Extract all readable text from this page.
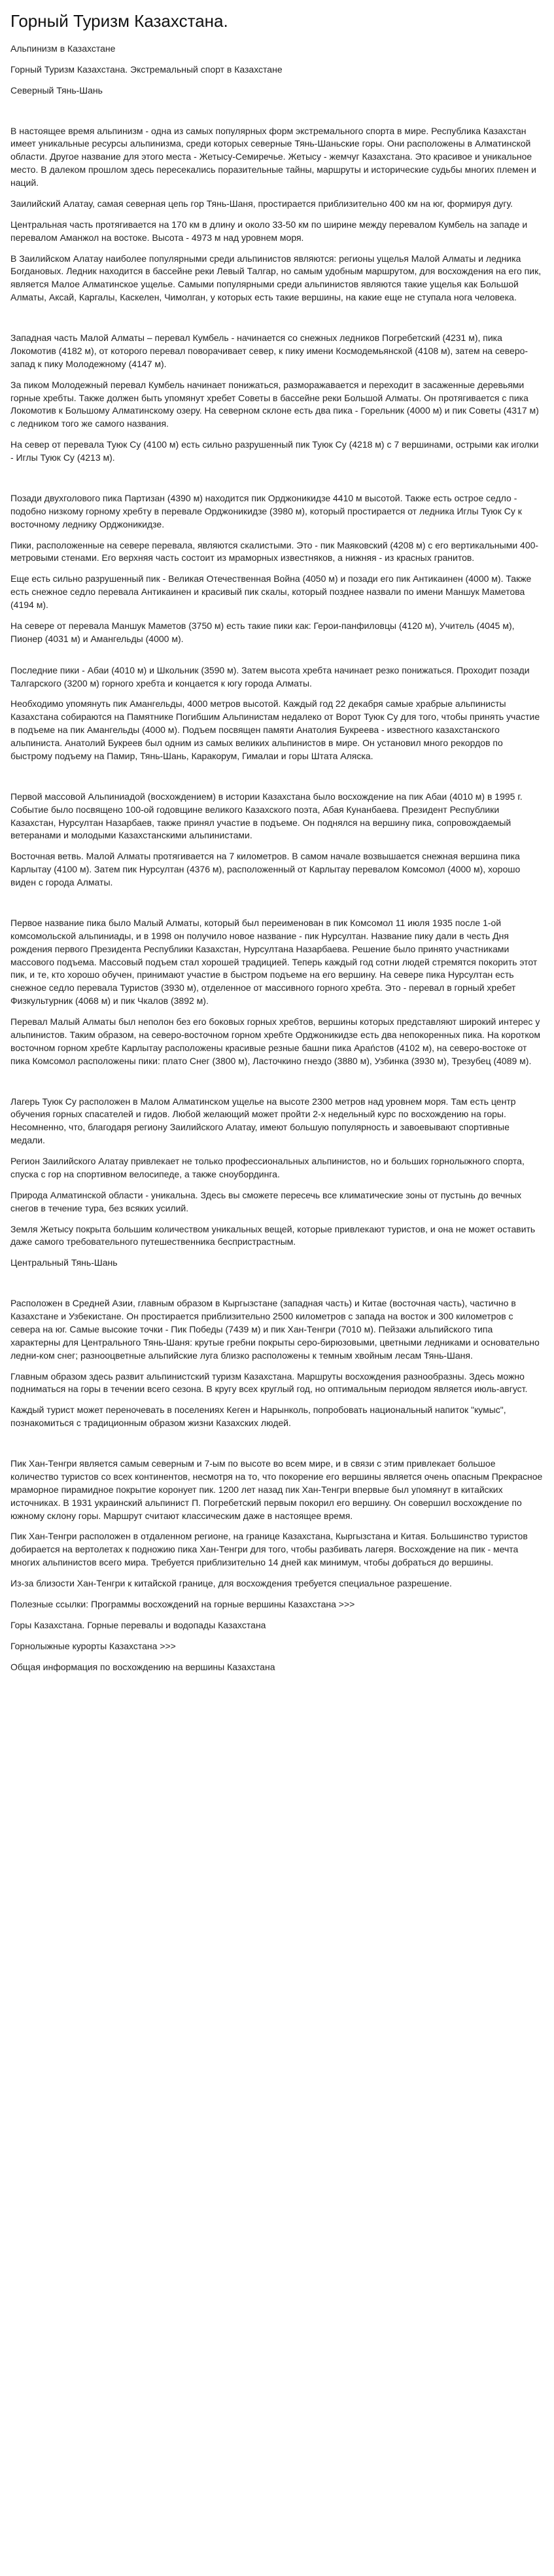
Горный Туризм Казахстана.

Альпинизм в Казахстане

Горный Туризм Казахстана. Экстремальный спорт в Казахстане

Северный Тянь-Шань

В настоящее время альпинизм - одна из самых популярных форм экстремального спорта в мире. Республика Казахстан имеет уникальные ресурсы альпинизма, среди которых северные Тянь-Шаньские горы. Они расположены в Алматинской области. Другое название для этого места - Жетысу-Семиречье. Жетысу - жемчуг Казахстана. Это красивое и уникальное место. В далеком прошлом здесь пересекались поразительные тайны, маршруты и исторические судьбы многих племен и наций.

Заилийский Алатау, самая северная цепь гор Тянь-Шаня, простирается приблизительно 400 км на юг, формируя дугу.

Центральная часть протягивается на 170 км в длину и около 33-50 км по ширине между перевалом Кумбель на западе и перевалом Аманжол на востоке. Высота - 4973 м над уровнем моря.

В Заилийском Алатау наиболее популярными среди альпинистов являются: регионы ущелья Малой Алматы и ледника Богдановых. Ледник находится в бассейне реки Левый Талгар, но самым удобным маршрутом, для восхождения на его пик, является Малое Алматинское ущелье. Самыми популярными среди альпинистов являются такие ущелья как Большой Алматы, Аксай, Каргалы, Каскелен, Чимолган, у которых есть такие вершины, на какие еще не ступала нога человека.

Западная часть Малой Алматы – перевал Кумбель - начинается со снежных ледников Погребетский (4231 м), пика Локомотив (4182 м), от которого перевал поворачивает север, к пику имени Космодемьянской (4108 м), затем на северо-запад к пику Молодежному (4147 м).

За пиком Молодежный перевал Кумбель начинает понижаться, разморажавается и переходит в засаженные деревьями горные хребты. Также должен быть упомянут хребет Советы в бассейне реки Большой Алматы. Он протягивается с пика Локомотив к Большому Алматинскому озеру. На северном склоне есть два пика - Горельник (4000 м) и пик Советы (4317 м) с ледником того же самого названия.

На север от перевала Туюк Су (4100 м) есть сильно разрушенный пик Туюк Су (4218 м) с 7 вершинами, острыми как иголки - Иглы Туюк Су (4213 м).

Позади двухголового пика Партизан (4390 м) находится пик Орджоникидзе 4410 м высотой. Также есть острое седло - подобно низкому горному хребту в перевале Орджоникидзе (3980 м), который простирается от ледника Иглы Туюк Су к восточному леднику Орджоникидзе.

Пики, расположенные на севере перевала, являются скалистыми. Это - пик Маяковский (4208 м) с его вертикальными 400-метровыми стенами. Его верхняя часть состоит из мраморных известняков, а нижняя - из красных гранитов.

Еще есть сильно разрушенный пик - Великая Отечественная Война (4050 м) и позади его пик Антикаинен (4000 м). Также есть снежное седло перевала Антикаинен и красивый пик скалы, который позднее назвали по имени Маншук Маметова (4194 м).

На севере от перевала Маншук Маметов (3750 м) есть такие пики как: Герои-панфиловцы (4120 м), Учитель (4045 м), Пионер (4031 м) и Амангельды (4000 м).

Последние пики - Абаи (4010 м) и Школьник (3590 м). Затем высота хребта начинает резко понижаться. Проходит позади Талгарского (3200 м) горного хребта и концается к югу города Алматы.

Необходимо упомянуть пик Амангельды, 4000 метров высотой. Каждый год 22 декабря самые храбрые альпинисты Казахстана собираются на Памятнике Погибшим Альпинистам недалеко от Ворот Туюк Су для того, чтобы принять участие в подъеме на пик Амангельды (4000 м). Подъем посвящен памяти Анатолия Букреева - известного казахстанского альпиниста. Анатолий Букреев был одним из самых великих альпинистов в мире. Он установил много рекордов по быстрому подъему на Памир, Тянь-Шань, Каракорум, Гималаи и горы Штата Аляска.

Первой массовой Альпиниадой (восхождением) в истории Казахстана было восхождение на пик Абаи (4010 м) в 1995 г. Событие было посвящено 100-ой годовщине великого Казахского поэта, Абая Кунанбаева. Президент Республики Казахстан, Нурсултан Назарбаев, также принял участие в подъеме. Он поднялся на вершину пика, сопровождаемый ветеранами и молодыми Казахстанскими альпинистами.

Восточная ветвь. Малой Алматы протягивается на 7 километров. В самом начале возвышается снежная вершина пика Карлытау (4100 м). Затем пик Нурсултан (4376 м), расположенный от Карлытау перевалом Комсомол (4000 м), хорошо виден с города Алматы.

Первое название пика было Малый Алматы, который был переименован в пик Комсомол 11 июля 1935 после 1-ой комсомольской альпиниады, и в 1998 он получило новое название - пик Нурсултан. Название пику дали в честь Дня рождения первого Президента Республики Казахстан, Нурсултана Назарбаева. Решение было принято участниками массового подъема. Массовый подъем стал хорошей традицией. Теперь каждый год сотни людей стремятся покорить этот пик, и те, кто хорошо обучен, принимают участие в быстром подъеме на его вершину. На севере пика Нурсултан есть снежное седло перевала Туристов (3930 м), отделенное от массивного горного хребта. Это - перевал в горный хребет Физкультурник (4068 м) и пик Чкалов (3892 м).

Перевал Малый Алматы был неполон без его боковых горных хребтов, вершины которых представляют широкий интерес у альпинистов. Таким образом, на северо-восточном горном хребте Орджоникидзе есть два непокоренных пика. На коротком восточном горном хребте Карлытау расположены красивые резные башни пика Араńстов (4102 м), на северо-востоке от пика Комсомол расположены пики: плато Снег (3800 м), Ласточкино гнездо (3880 м), Узбинка (3930 м), Трезубец (4089 м).

Лагерь Туюк Су расположен в Малом Алматинском ущелье на высоте 2300 метров над уровнем моря. Там есть центр обучения горных спасателей и гидов. Любой желающий может пройти 2-х недельный курс по восхождению на горы. Несомненно, что, благодаря региону Заилийского Алатау, имеют большую популярность и завоевывают спортивные медали.

Регион Заилийского Алатау привлекает не только профессиональных альпинистов, но и больших горнолыжного спорта, спуска с гор на спортивном велосипеде, а также сноубординга.

Природа Алматинской области - уникальна. Здесь вы сможете пересечь все климатические зоны от пустынь до вечных снегов в течение тура, без всяких усилий.

Земля Жетысу покрыта большим количеством уникальных вещей, которые привлекают туристов, и она не может оставить даже самого требовательного путешественника беспристрастным.

Центральный Тянь-Шань

Расположен в Средней Азии, главным образом в Кыргызстане (западная часть) и Китае (восточная часть), частично в Казахстане и Узбекистане. Он простирается приблизительно 2500 километров с запада на восток и 300 километров с севера на юг. Самые высокие точки - Пик Победы (7439 м) и пик Хан-Тенгри (7010 м). Пейзажи альпийского типа характерны для Центрального Тянь-Шаня: крутые гребни покрыты серо-бирюзовыми, цветными ледниками и основательно ледни-ком снег; разнооцветные альпийские луга близко расположены к темным хвойным лесам Тянь-Шаня.

Главным образом здесь развит альпинистский туризм Казахстана. Маршруты восхождения разнообразны. Здесь можно подниматься на горы в течении всего сезона. В кругу всех круглый год, но оптимальным периодом является июль-август.

Каждый турист может переночевать в поселениях Кеген и Нарынколь, попробовать национальный напиток "кумыс", познакомиться с традиционным образом жизни Казахских людей.

Пик Хан-Тенгри является самым северным и 7-ым по высоте во всем мире, и в связи с этим привлекает большое количество туристов со всех континентов, несмотря на то, что покорение его вершины является очень опасным Прекрасное мраморное пирамидное покрытие коронует пик. 1200 лет назад пик Хан-Тенгри впервые был упомянут в китайских источниках. В 1931 украинский альпинист П. Погребетский первым покорил его вершину. Он совершил восхождение по южному склону горы. Маршрут считают классическим даже в настоящее время.

Пик Хан-Тенгри расположен в отдаленном регионе, на границе Казахстана, Кыргызстана и Китая. Большинство туристов добирается на вертолетах к подножию пика Хан-Тенгри для того, чтобы разбивать лагеря. Восхождение на пик - мечта многих альпинистов всего мира. Требуется приблизительно 14 дней как минимум, чтобы добраться до вершины.

Из-за близости Хан-Тенгри к китайской границе, для восхождения требуется специальное разрешение.

Полезные ссылки: Программы восхождений на горные вершины Казахстана >>>

Горы Казахстана. Горные перевалы и водопады Казахстана

Горнолыжные курорты Казахстана >>>

Общая информация по восхождению на вершины Казахстана
